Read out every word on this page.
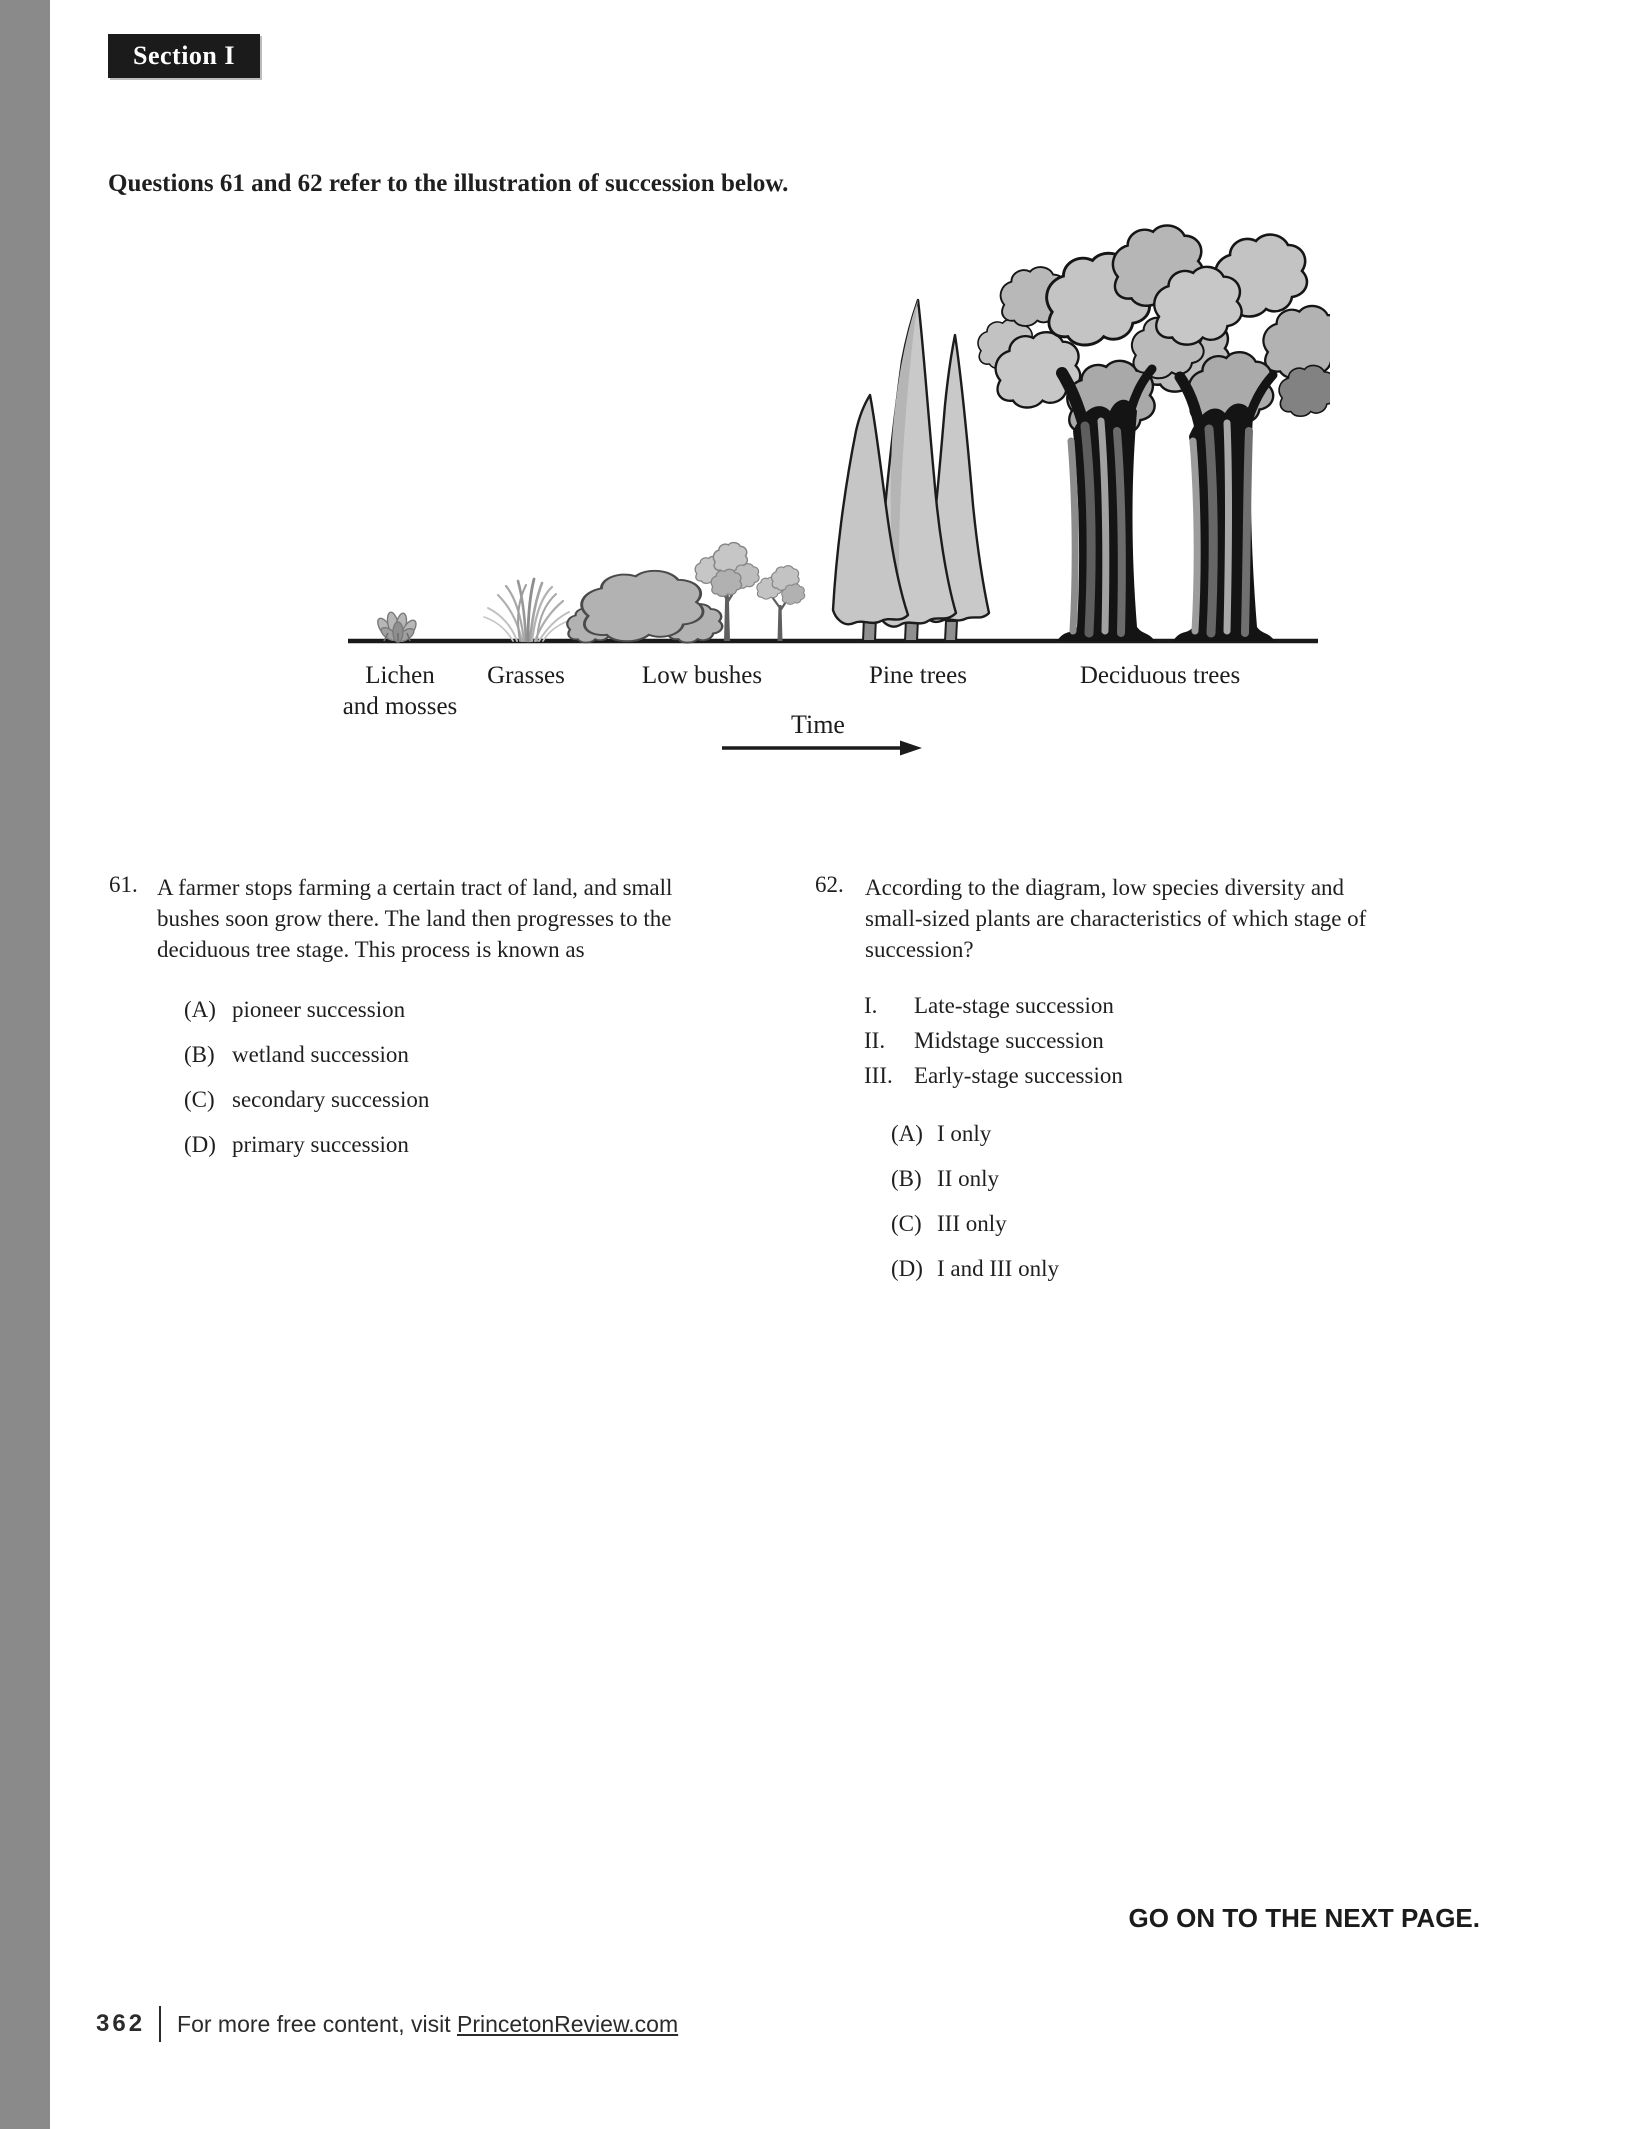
Section I
Questions 61 and 62 refer to the illustration of succession below.
Lichen
and mosses
Grasses	Low bushes	Pine trees	Deciduous trees
Time
61. A farmer stops farming a certain tract of land, and small
bushes soon grow there. The land then progresses to the
deciduous tree stage. This process is known as
(A) pioneer succession
(B) wetland succession
(C) secondary succession
(D) primary succession
62. According to the diagram, low species diversity and
small-sized plants are characteristics of which stage of
succession?
I.	Late-stage succession
II.	Midstage succession
III. Early-stage succession
(A) I only
(B) II only
(C) III only
(D) I and III only
GO ON TO THE NEXT PAGE.
362 For more free content, visit PrincetonReview.com
